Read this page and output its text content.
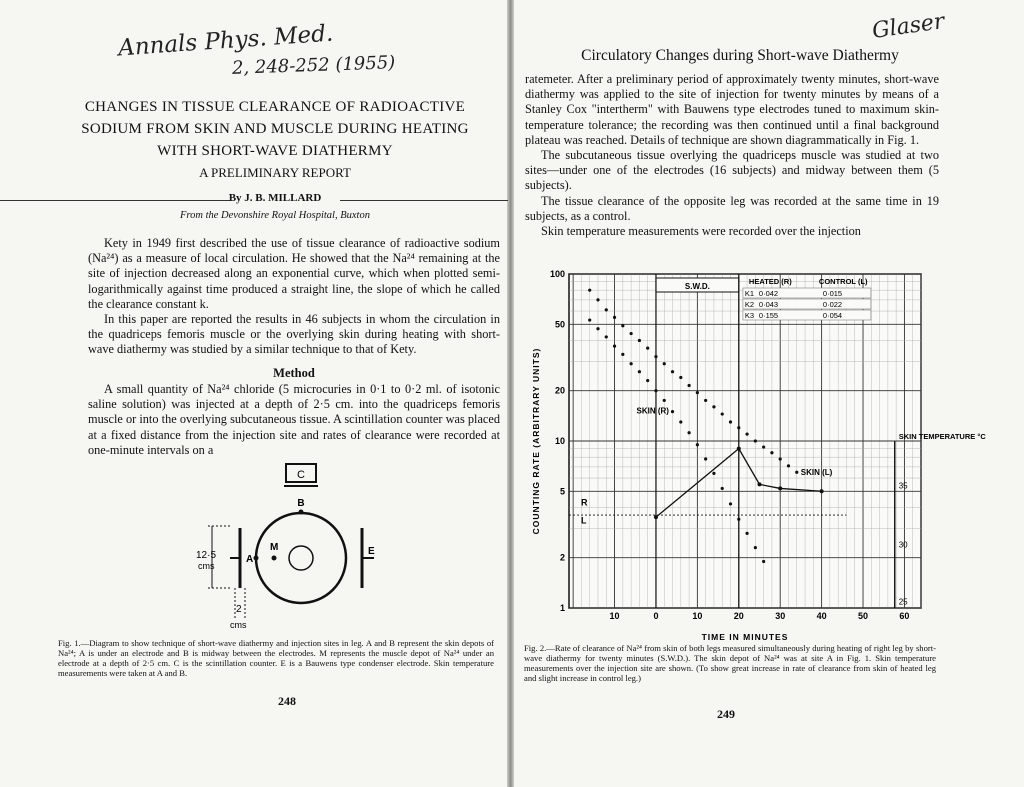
Annals Phys. Med.
2, 248-252 (1955)
CHANGES IN TISSUE CLEARANCE OF RADIOACTIVE
SODIUM FROM SKIN AND MUSCLE DURING HEATING
WITH SHORT-WAVE DIATHERMY
A PRELIMINARY REPORT
By J. B. MILLARD
From the Devonshire Royal Hospital, Buxton

Kety in 1949 first described the use of tissue clearance of radioactive sodium (Na²⁴) as a measure of local circulation. He showed that the Na²⁴ remaining at the site of injection decreased along an exponential curve, which when plotted semi-logarithmically against time produced a straight line, the slope of which he called the clearance constant k.

In this paper are reported the results in 46 subjects in whom the circulation in the quadriceps femoris muscle or the overlying skin during heating with short-wave diathermy was studied by a similar technique to that of Kety.

Method

A small quantity of Na²⁴ chloride (5 microcuries in 0·1 to 0·2 ml. of isotonic saline solution) was injected at a depth of 2·5 cm. into the quadriceps femoris muscle or into the overlying subcutaneous tissue. A scintillation counter was placed at a fixed distance from the injection site and rates of clearance were recorded at one-minute intervals on a

C
B
M
A
E
12·5
cms
2
cms
Fig. 1.—Diagram to show technique of short-wave diathermy and injection sites in leg. A and B represent the skin depots of Na²⁴; A is under an electrode and B is midway between the electrodes. M represents the muscle depot of Na²⁴ under an electrode at a depth of 2·5 cm. C is the scintillation counter. E is a Bauwens type condenser electrode. Skin temperature measurements were taken at A and B.
248
Glaser
Circulatory Changes during Short-wave Diathermy

ratemeter. After a preliminary period of approximately twenty minutes, short-wave diathermy was applied to the site of injection for twenty minutes by means of a Stanley Cox "intertherm" with Bauwens type electrodes tuned to maximum skin-temperature tolerance; the recording was then continued until a final background plateau was reached. Details of technique are shown diagrammatically in Fig. 1.

The subcutaneous tissue overlying the quadriceps muscle was studied at two sites—under one of the electrodes (16 subjects) and midway between them (5 subjects).

The tissue clearance of the opposite leg was recorded at the same time in 19 subjects, as a control.

Skin temperature measurements were recorded over the injection

S.W.D.
SKIN TEMPERATURE °C
35
30
25
HEATED (R)	CONTROL (L)
K1 0·042	0·015
K2 0·043	0·022
K3 0·155	0·054
SKIN (L)
SKIN (R)
R
L
100
50
20
10
5
2
1
10	0	10	20	30	40	50	60
TIME IN MINUTES
COUNTING RATE (ARBITRARY UNITS)
Fig. 2.—Rate of clearance of Na²⁴ from skin of both legs measured simultaneously during heating of right leg by short-wave diathermy for twenty minutes (S.W.D.). The skin depot of Na²⁴ was at site A in Fig. 1. Skin temperature measurements over the injection site are shown. (To show great increase in rate of clearance from skin of heated leg and slight increase in control leg.)
249
